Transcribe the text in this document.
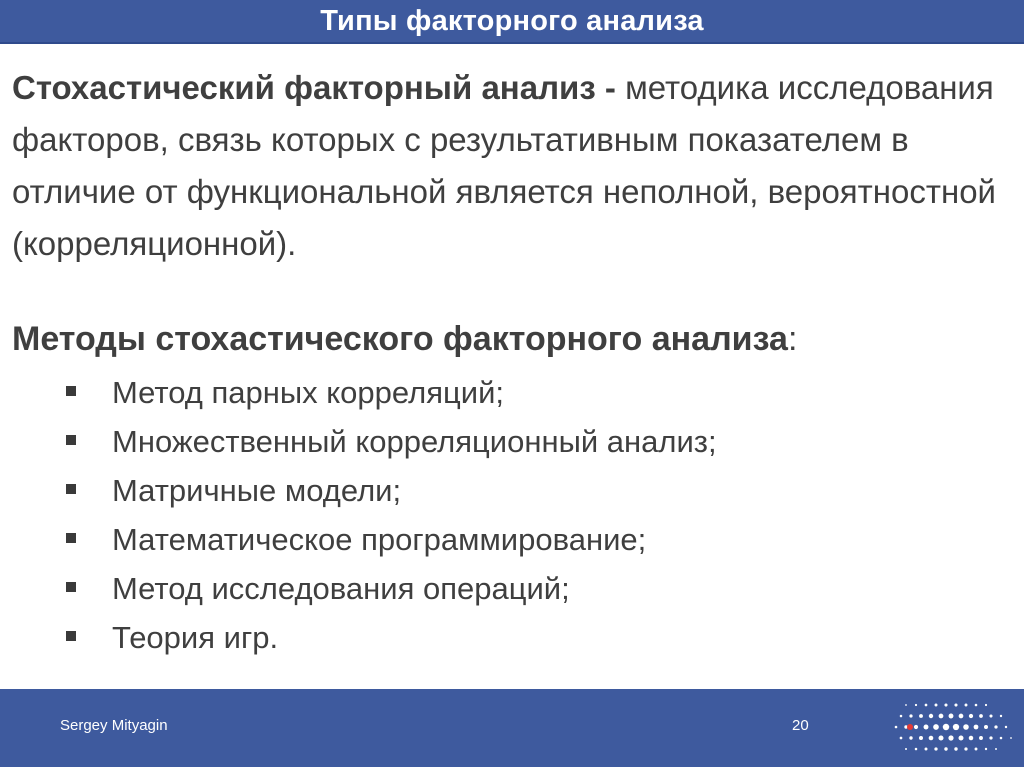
Типы факторного анализа

Стохастический факторный анализ - методика исследования факторов, связь которых с результативным показателем в отличие от функциональной является неполной, вероятностной (корреляционной).

Методы стохастического факторного анализа:
Метод парных корреляций;
Множественный корреляционный анализ;
Матричные модели;
Математическое программирование;
Метод исследования операций;
Теория игр.
Sergey Mityagin	20
